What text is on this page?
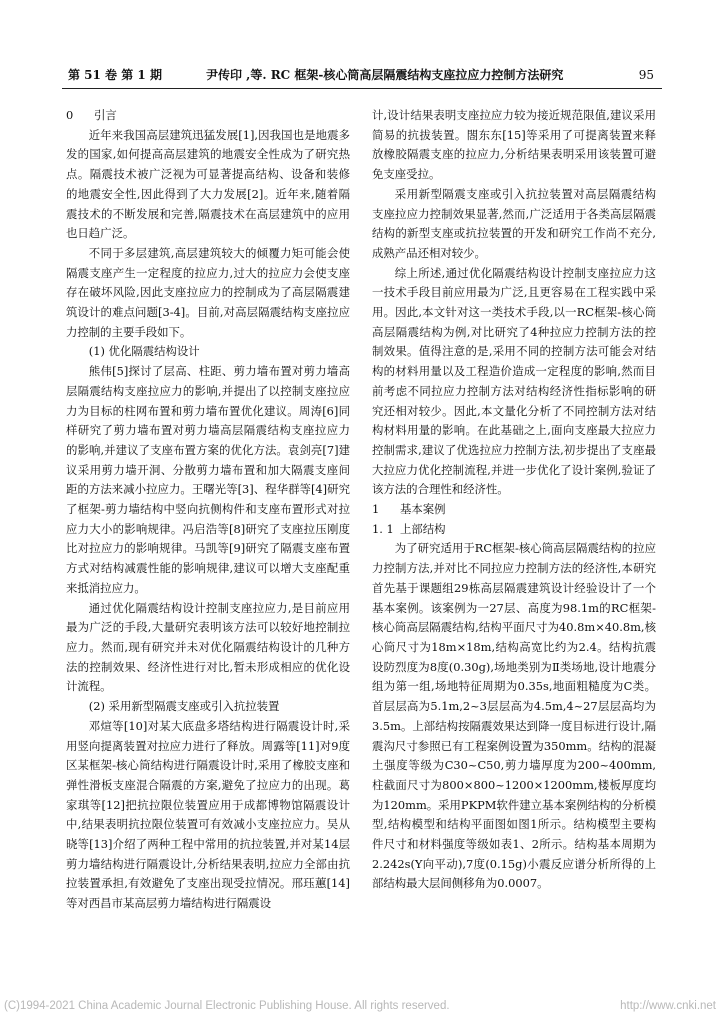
第 51 卷 第 1 期	尹传印 ,等. RC 框架-核心筒高层隔震结构支座拉应力控制方法研究	95
0 引言

近年来我国高层建筑迅猛发展[1],因我国也是地震多发的国家,如何提高高层建筑的地震安全性成为了研究热点。隔震技术被广泛视为可显著提高结构、设备和装修的地震安全性,因此得到了大力发展[2]。近年来,随着隔震技术的不断发展和完善,隔震技术在高层建筑中的应用也日趋广泛。

不同于多层建筑,高层建筑较大的倾覆力矩可能会使隔震支座产生一定程度的拉应力,过大的拉应力会使支座存在破坏风险,因此支座拉应力的控制成为了高层隔震建筑设计的难点问题[3-4]。目前,对高层隔震结构支座拉应力控制的主要手段如下。

(1) 优化隔震结构设计

熊伟[5]探讨了层高、柱距、剪力墙布置对剪力墙高层隔震结构支座拉应力的影响,并提出了以控制支座拉应力为目标的柱网布置和剪力墙布置优化建议。周涛[6]同样研究了剪力墙布置对剪力墙高层隔震结构支座拉应力的影响,并建议了支座布置方案的优化方法。袁剑亮[7]建议采用剪力墙开洞、分散剪力墙布置和加大隔震支座间距的方法来减小拉应力。王曙光等[3]、程华群等[4]研究了框架-剪力墙结构中竖向抗侧构件和支座布置形式对拉应力大小的影响规律。冯启浩等[8]研究了支座拉压刚度比对拉应力的影响规律。马凯等[9]研究了隔震支座布置方式对结构减震性能的影响规律,建议可以增大支座配重来抵消拉应力。

通过优化隔震结构设计控制支座拉应力,是目前应用最为广泛的手段,大量研究表明该方法可以较好地控制拉应力。然而,现有研究并未对优化隔震结构设计的几种方法的控制效果、经济性进行对比,暂未形成相应的优化设计流程。

(2) 采用新型隔震支座或引入抗拉装置

邓煊等[10]对某大底盘多塔结构进行隔震设计时,采用竖向提离装置对拉应力进行了释放。周露等[11]对9度区某框架-核心筒结构进行隔震设计时,采用了橡胶支座和弹性滑板支座混合隔震的方案,避免了拉应力的出现。葛家琪等[12]把抗拉限位装置应用于成都博物馆隔震设计中,结果表明抗拉限位装置可有效减小支座拉应力。吴从晓等[13]介绍了两种工程中常用的抗拉装置,并对某14层剪力墙结构进行隔震设计,分析结果表明,拉应力全部由抗拉装置承担,有效避免了支座出现受拉情况。邢珏蕙[14]等对西昌市某高层剪力墙结构进行隔震设

计,设计结果表明支座拉应力较为接近规范限值,建议采用简易的抗拔装置。閤东东[15]等采用了可提离装置来释放橡胶隔震支座的拉应力,分析结果表明采用该装置可避免支座受拉。

采用新型隔震支座或引入抗拉装置对高层隔震结构支座拉应力控制效果显著,然而,广泛适用于各类高层隔震结构的新型支座或抗拉装置的开发和研究工作尚不充分,成熟产品还相对较少。

综上所述,通过优化隔震结构设计控制支座拉应力这一技术手段目前应用最为广泛,且更容易在工程实践中采用。因此,本文针对这一类技术手段,以一RC框架-核心筒高层隔震结构为例,对比研究了4种拉应力控制方法的控制效果。值得注意的是,采用不同的控制方法可能会对结构的材料用量以及工程造价造成一定程度的影响,然而目前考虑不同拉应力控制方法对结构经济性指标影响的研究还相对较少。因此,本文量化分析了不同控制方法对结构材料用量的影响。在此基础之上,面向支座最大拉应力控制需求,建议了优选拉应力控制方法,初步提出了支座最大拉应力优化控制流程,并进一步优化了设计案例,验证了该方法的合理性和经济性。

1 基本案例
1. 1 上部结构

为了研究适用于RC框架-核心筒高层隔震结构的拉应力控制方法,并对比不同拉应力控制方法的经济性,本研究首先基于课题组29栋高层隔震建筑设计经验设计了一个基本案例。该案例为一27层、高度为98.1m的RC框架-核心筒高层隔震结构,结构平面尺寸为40.8m×40.8m,核心筒尺寸为18m×18m,结构高宽比约为2.4。结构抗震设防烈度为8度(0.30g),场地类别为Ⅱ类场地,设计地震分组为第一组,场地特征周期为0.35s,地面粗糙度为C类。首层层高为5.1m,2~3层层高为4.5m,4~27层层高均为3.5m。上部结构按隔震效果达到降一度目标进行设计,隔震沟尺寸参照已有工程案例设置为350mm。结构的混凝土强度等级为C30~C50,剪力墙厚度为200~400mm,柱截面尺寸为800×800~1200×1200mm,楼板厚度均为120mm。采用PKPM软件建立基本案例结构的分析模型,结构模型和结构平面图如图1所示。结构模型主要构件尺寸和材料强度等级如表1、2所示。结构基本周期为2.242s(Y向平动),7度(0.15g)小震反应谱分析所得的上部结构最大层间侧移角为0.0007。

(C)1994-2021 China Academic Journal Electronic Publishing House. All rights reserved.	http://www.cnki.net
